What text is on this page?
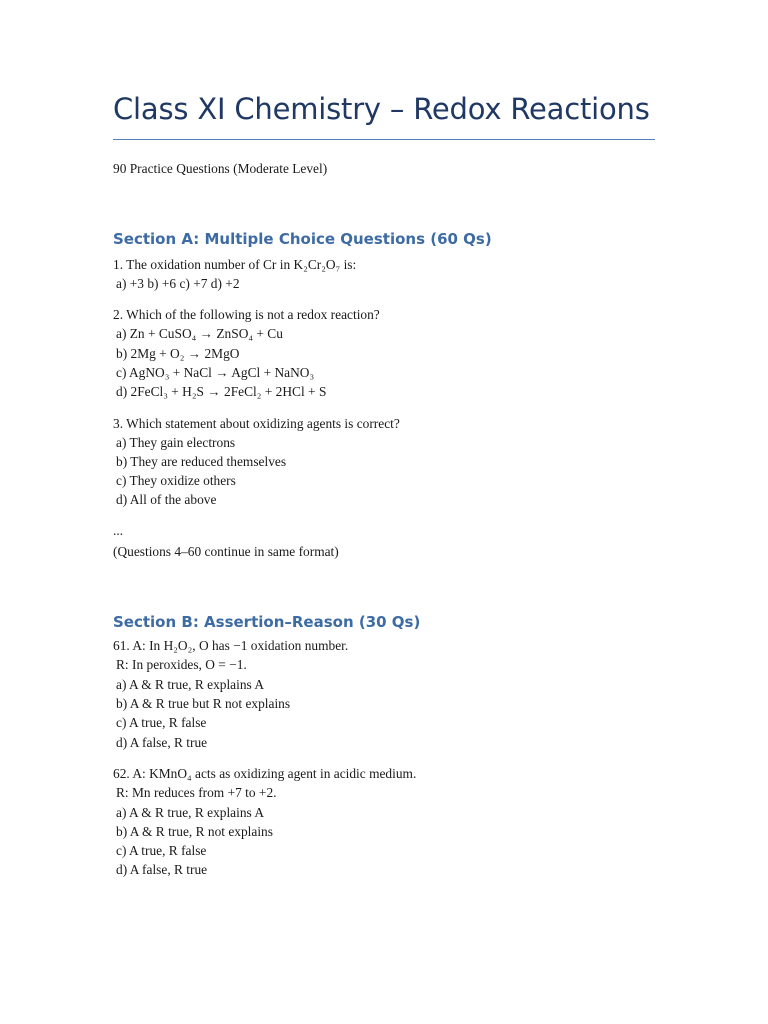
Class XI Chemistry – Redox Reactions

90 Practice Questions (Moderate Level)

Section A: Multiple Choice Questions (60 Qs)

1. The oxidation number of Cr in K₂Cr₂O₇ is:

a) +3 b) +6 c) +7 d) +2

2. Which of the following is not a redox reaction?

a) Zn + CuSO₄ → ZnSO₄ + Cu

b) 2Mg + O₂ → 2MgO

c) AgNO₃ + NaCl → AgCl + NaNO₃

d) 2FeCl₃ + H₂S → 2FeCl₂ + 2HCl + S

3. Which statement about oxidizing agents is correct?

a) They gain electrons

b) They are reduced themselves

c) They oxidize others

d) All of the above

...

(Questions 4–60 continue in same format)

Section B: Assertion–Reason (30 Qs)

61. A: In H₂O₂, O has −1 oxidation number.

R: In peroxides, O = −1.

a) A & R true, R explains A

b) A & R true but R not explains

c) A true, R false

d) A false, R true

62. A: KMnO₄ acts as oxidizing agent in acidic medium.

R: Mn reduces from +7 to +2.

a) A & R true, R explains A

b) A & R true, R not explains

c) A true, R false

d) A false, R true
